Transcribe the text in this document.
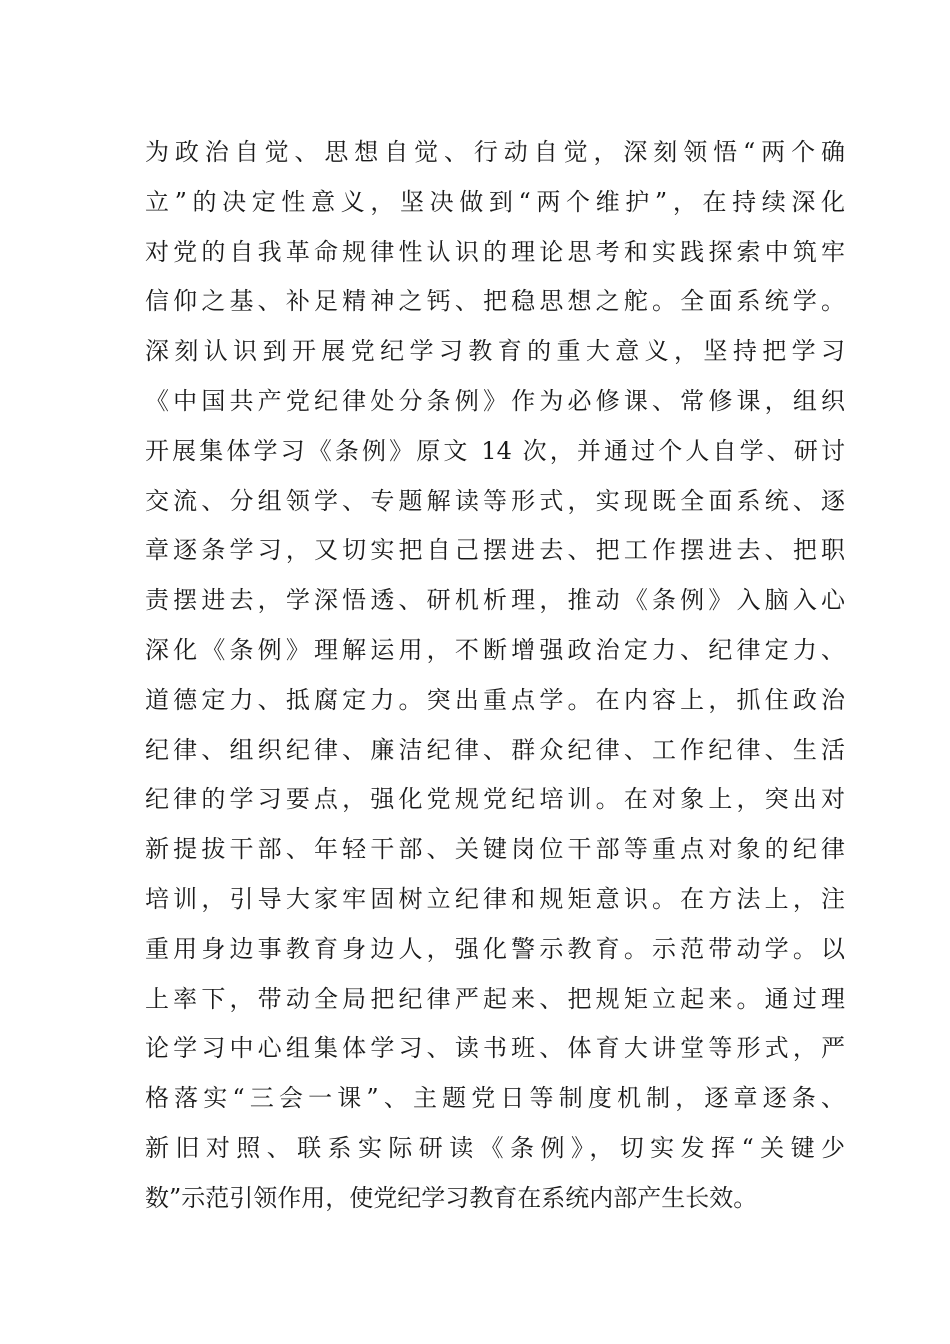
为政治自觉、思想自觉、行动自觉，深刻领悟“两个确
立”的决定性意义，坚决做到“两个维护”，在持续深化
对党的自我革命规律性认识的理论思考和实践探索中筑牢
信仰之基、补足精神之钙、把稳思想之舵。全面系统学。
深刻认识到开展党纪学习教育的重大意义，坚持把学习
《中国共产党纪律处分条例》作为必修课、常修课，组织
开展集体学习《条例》原文 14 次，并通过个人自学、研讨
交流、分组领学、专题解读等形式，实现既全面系统、逐
章逐条学习，又切实把自己摆进去、把工作摆进去、把职
责摆进去，学深悟透、研机析理，推动《条例》入脑入心
深化《条例》理解运用，不断增强政治定力、纪律定力、
道德定力、抵腐定力。突出重点学。在内容上，抓住政治
纪律、组织纪律、廉洁纪律、群众纪律、工作纪律、生活
纪律的学习要点，强化党规党纪培训。在对象上，突出对
新提拔干部、年轻干部、关键岗位干部等重点对象的纪律
培训，引导大家牢固树立纪律和规矩意识。在方法上，注
重用身边事教育身边人，强化警示教育。示范带动学。以
上率下，带动全局把纪律严起来、把规矩立起来。通过理
论学习中心组集体学习、读书班、体育大讲堂等形式，严
格落实“三会一课”、主题党日等制度机制，逐章逐条、
新旧对照、联系实际研读《条例》，切实发挥“关键少
数”示范引领作用，使党纪学习教育在系统内部产生长效。
